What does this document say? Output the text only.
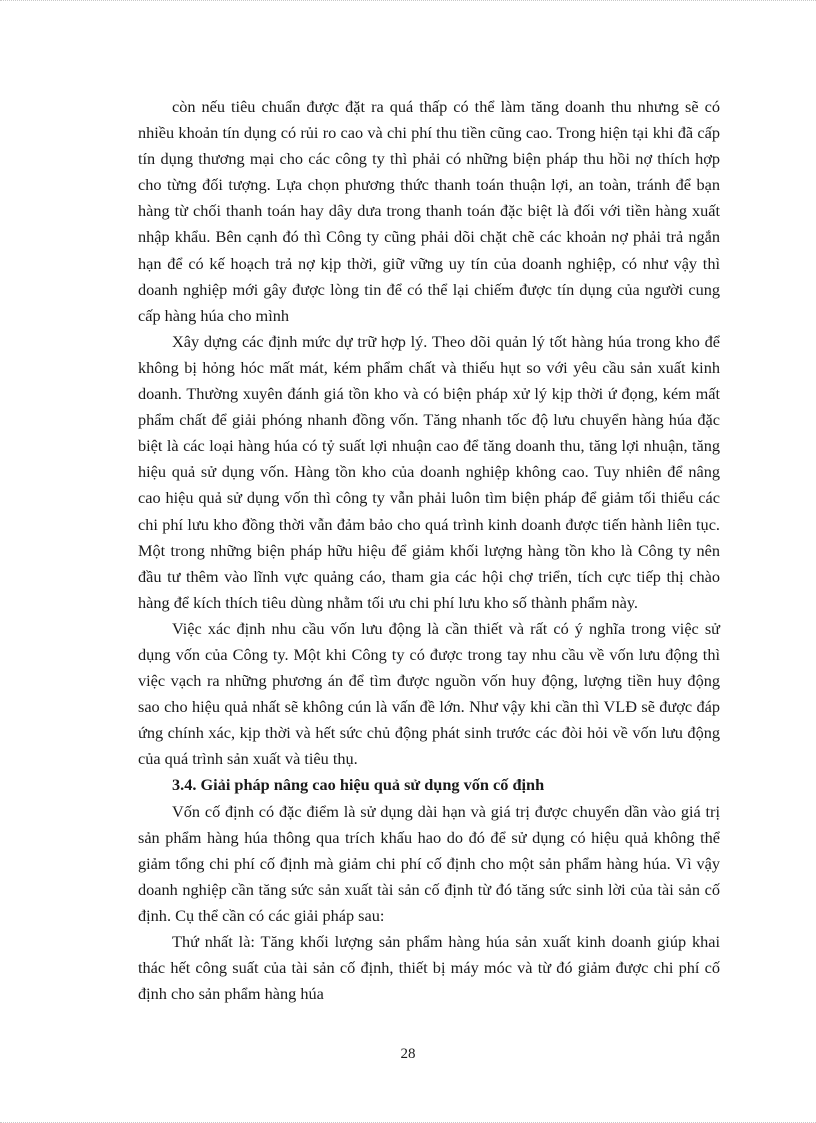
còn nếu tiêu chuẩn được đặt ra quá thấp có thể làm tăng doanh thu nhưng sẽ có nhiều khoản tín dụng có rủi ro cao và chi phí thu tiền cũng cao. Trong hiện tại khi đã cấp tín dụng thương mại cho các công ty thì phải có những biện pháp thu hồi nợ thích hợp cho từng đối tượng. Lựa chọn phương thức thanh toán thuận lợi, an toàn, tránh để bạn hàng từ chối thanh toán hay dây dưa trong thanh toán đặc biệt là đối với tiền hàng xuất nhập khẩu. Bên cạnh đó thì Công ty cũng phải dõi chặt chẽ các khoản nợ phải trả ngắn hạn để có kế hoạch trả nợ kịp thời, giữ vững uy tín của doanh nghiệp, có như vậy thì doanh nghiệp mới gây được lòng tin để có thể lại chiếm được tín dụng của người cung cấp hàng húa cho mình

Xây dựng các định mức dự trữ hợp lý. Theo dõi quản lý tốt hàng húa trong kho để không bị hỏng hóc mất mát, kém phẩm chất và thiếu hụt so với yêu cầu sản xuất kinh doanh. Thường xuyên đánh giá tồn kho và có biện pháp xử lý kịp thời ứ đọng, kém mất phẩm chất để giải phóng nhanh đồng vốn. Tăng nhanh tốc độ lưu chuyển hàng húa đặc biệt là các loại hàng húa có tỷ suất lợi nhuận cao để tăng doanh thu, tăng lợi nhuận, tăng hiệu quả sử dụng vốn. Hàng tồn kho của doanh nghiệp không cao. Tuy nhiên để nâng cao hiệu quả sử dụng vốn thì công ty vẫn phải luôn tìm biện pháp để giảm tối thiểu các chi phí lưu kho đồng thời vẫn đảm bảo cho quá trình kinh doanh được tiến hành liên tục. Một trong những biện pháp hữu hiệu để giảm khối lượng hàng tồn kho là Công ty nên đầu tư thêm vào lĩnh vực quảng cáo, tham gia các hội chợ triển, tích cực tiếp thị chào hàng để kích thích tiêu dùng nhằm tối ưu chi phí lưu kho số thành phẩm này.

Việc xác định nhu cầu vốn lưu động là cần thiết và rất có ý nghĩa trong việc sử dụng vốn của Công ty. Một khi Công ty có được trong tay nhu cầu về vốn lưu động thì việc vạch ra những phương án để tìm được nguồn vốn huy động, lượng tiền huy động sao cho hiệu quả nhất sẽ không cún là vấn đề lớn. Như vậy khi cần thì VLĐ sẽ được đáp ứng chính xác, kịp thời và hết sức chủ động phát sinh trước các đòi hỏi về vốn lưu động của quá trình sản xuất và tiêu thụ.

3.4. Giải pháp nâng cao hiệu quả sử dụng vốn cố định

Vốn cố định có đặc điểm là sử dụng dài hạn và giá trị được chuyển dần vào giá trị sản phẩm hàng húa thông qua trích khấu hao do đó để sử dụng có hiệu quả không thể giảm tổng chi phí cố định mà giảm chi phí cố định cho một sản phẩm hàng húa. Vì vậy doanh nghiệp cần tăng sức sản xuất tài sản cố định từ đó tăng sức sinh lời của tài sản cố định. Cụ thể cần có các giải pháp sau:

Thứ nhất là: Tăng khối lượng sản phẩm hàng húa sản xuất kinh doanh giúp khai thác hết công suất của tài sản cố định, thiết bị máy móc và từ đó giảm được chi phí cố định cho sản phẩm hàng húa

28
